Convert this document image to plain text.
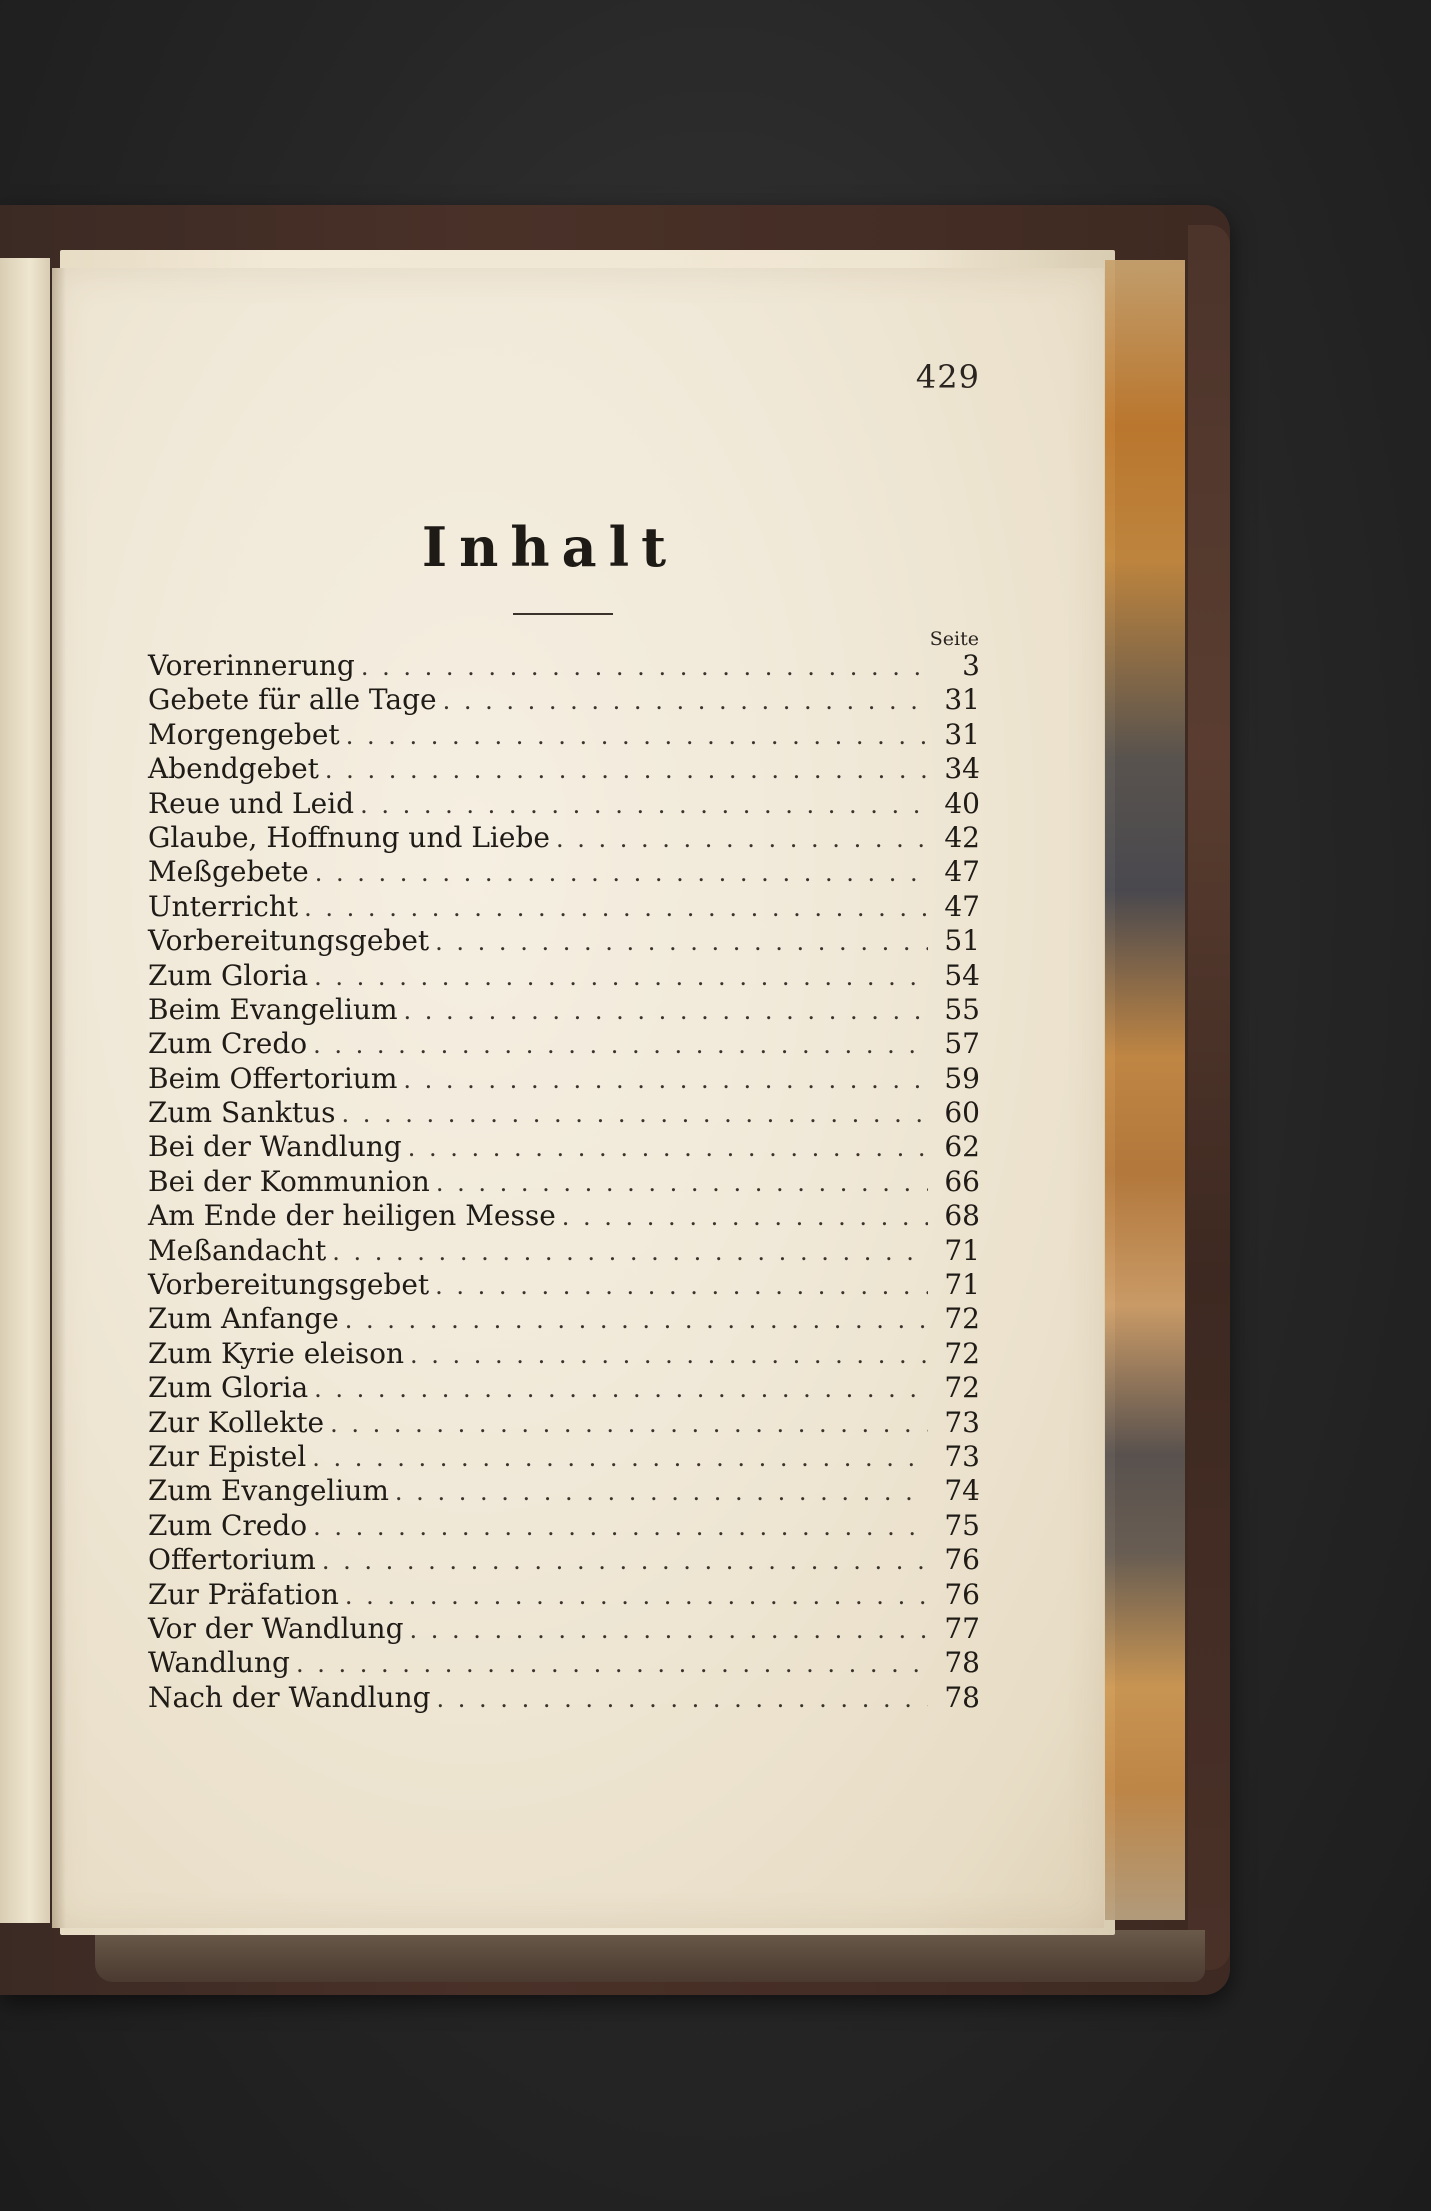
429
Inhalt
Seite
Vorerinnerung . . .	3
Gebete für alle Tage . . .	31
Morgengebet . . .	31
Abendgebet . . .	34
Reue und Leid . . .	40
Glaube, Hoffnung und Liebe . . .	42
Meßgebete . . .	47
Unterricht . . .	47
Vorbereitungsgebet . . .	51
Zum Gloria . . .	54
Beim Evangelium . . .	55
Zum Credo . . .	57
Beim Offertorium . . .	59
Zum Sanktus . . .	60
Bei der Wandlung . . .	62
Bei der Kommunion . . .	66
Am Ende der heiligen Messe . . .	68
Meßandacht . . .	71
Vorbereitungsgebet . . .	71
Zum Anfange . . .	72
Zum Kyrie eleison . . .	72
Zum Gloria . . .	72
Zur Kollekte . . .	73
Zur Epistel . . .	73
Zum Evangelium . . .	74
Zum Credo . . .	75
Offertorium . . .	76
Zur Präfation . . .	76
Vor der Wandlung . . .	77
Wandlung . . .	78
Nach der Wandlung . . .	78
